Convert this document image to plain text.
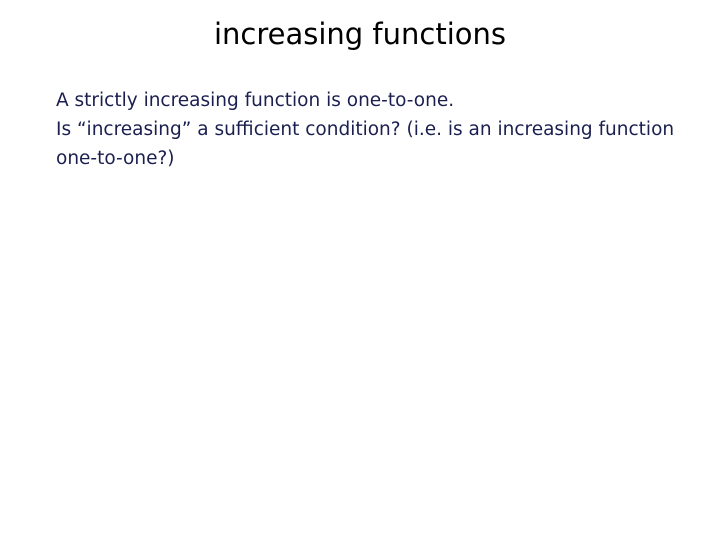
increasing functions

A strictly increasing function is one-to-one.

Is “increasing” a sufficient condition? (i.e. is an increasing function one-to-one?)
